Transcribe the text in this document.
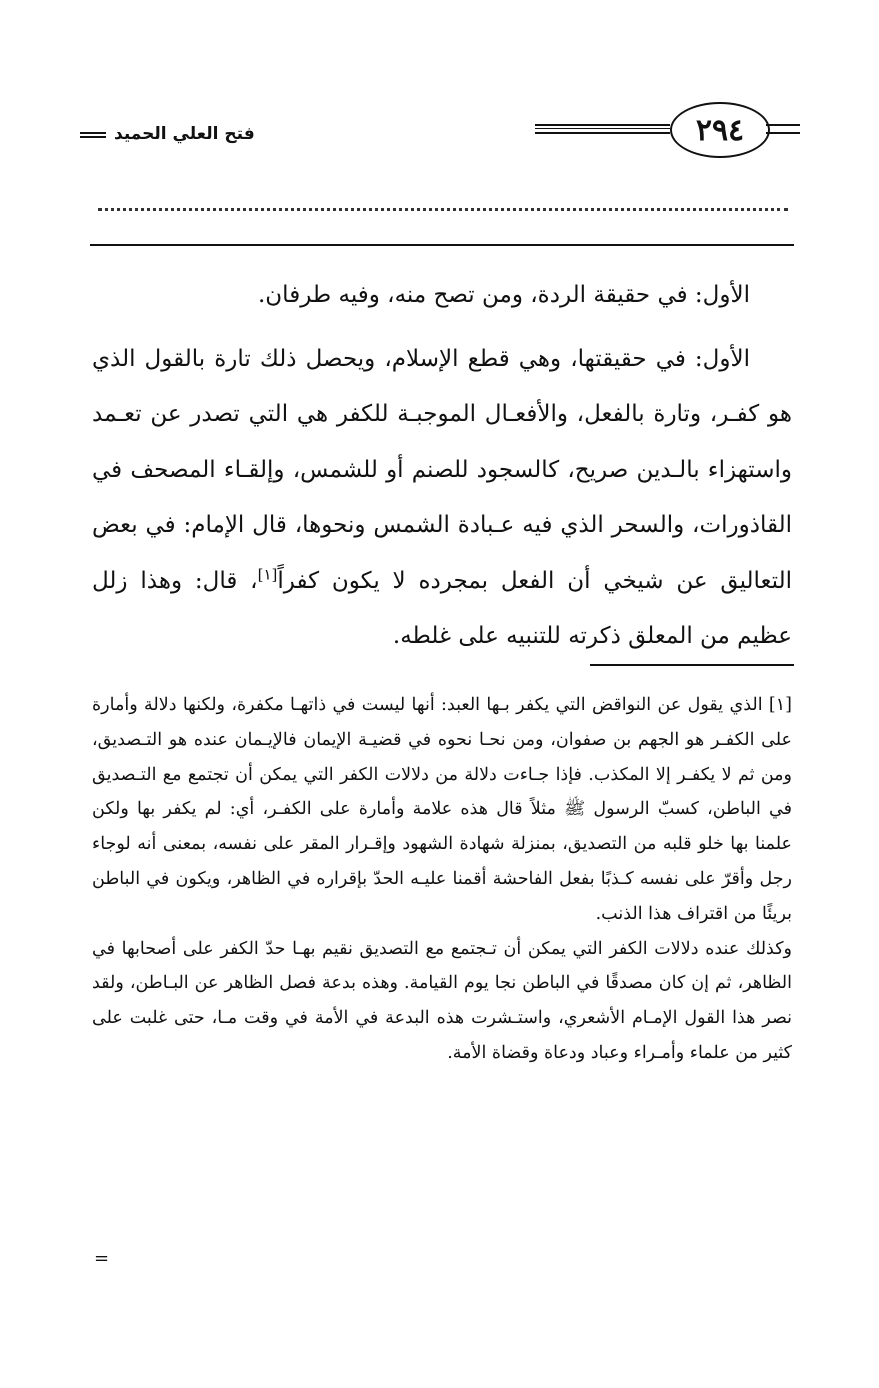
فتح العلي الحميد	٢٩٤

الأول: في حقيقة الردة، ومن تصح منه، وفيه طرفان.

الأول: في حقيقتها، وهي قطع الإسلام، ويحصل ذلك تارة بالقول الذي هو كفـر، وتارة بالفعل، والأفعـال الموجبـة للكفر هي التي تصدر عن تعـمد واستهزاء بالـدين صريح، كالسجود للصنم أو للشمس، وإلقـاء المصحف في القاذورات، والسحر الذي فيه عـبادة الشمس ونحوها، قال الإمام: في بعض التعاليق عن شيخي أن الفعل بمجرده لا يكون كفراً[١]، قال: وهذا زلل عظيم من المعلق ذكرته للتنبيه على غلطه.

[١] الذي يقول عن النواقض التي يكفر بـها العبد: أنها ليست في ذاتهـا مكفرة، ولكنها دلالة وأمارة على الكفـر هو الجهم بن صفوان، ومن نحـا نحوه في قضيـة الإيمان فالإيـمان عنده هو التـصديق، ومن ثم لا يكفـر إلا المكذب. فإذا جـاءت دلالة من دلالات الكفر التي يمكن أن تجتمع مع التـصديق في الباطن، كسبّ الرسول ﷺ مثلاً قال هذه علامة وأمارة على الكفـر، أي: لم يكفر بها ولكن علمنا بها خلو قلبه من التصديق، بمنزلة شهادة الشهود وإقـرار المقر على نفسه، بمعنى أنه لوجاء رجل وأقرّ على نفسه كـذبًا بفعل الفاحشة أقمنا عليـه الحدّ بإقراره في الظاهر، ويكون في الباطن بريئًا من اقتراف هذا الذنب.

وكذلك عنده دلالات الكفر التي يمكن أن تـجتمع مع التصديق نقيم بهـا حدّ الكفر على أصحابها في الظاهر، ثم إن كان مصدقًا في الباطن نجا يوم القيامة. وهذه بدعة فصل الظاهر عن البـاطن، ولقد نصر هذا القول الإمـام الأشعري، واستـشرت هذه البدعة في الأمة في وقت مـا، حتى غلبت على كثير من علماء وأمـراء وعباد ودعاة وقضاة الأمة.

=
